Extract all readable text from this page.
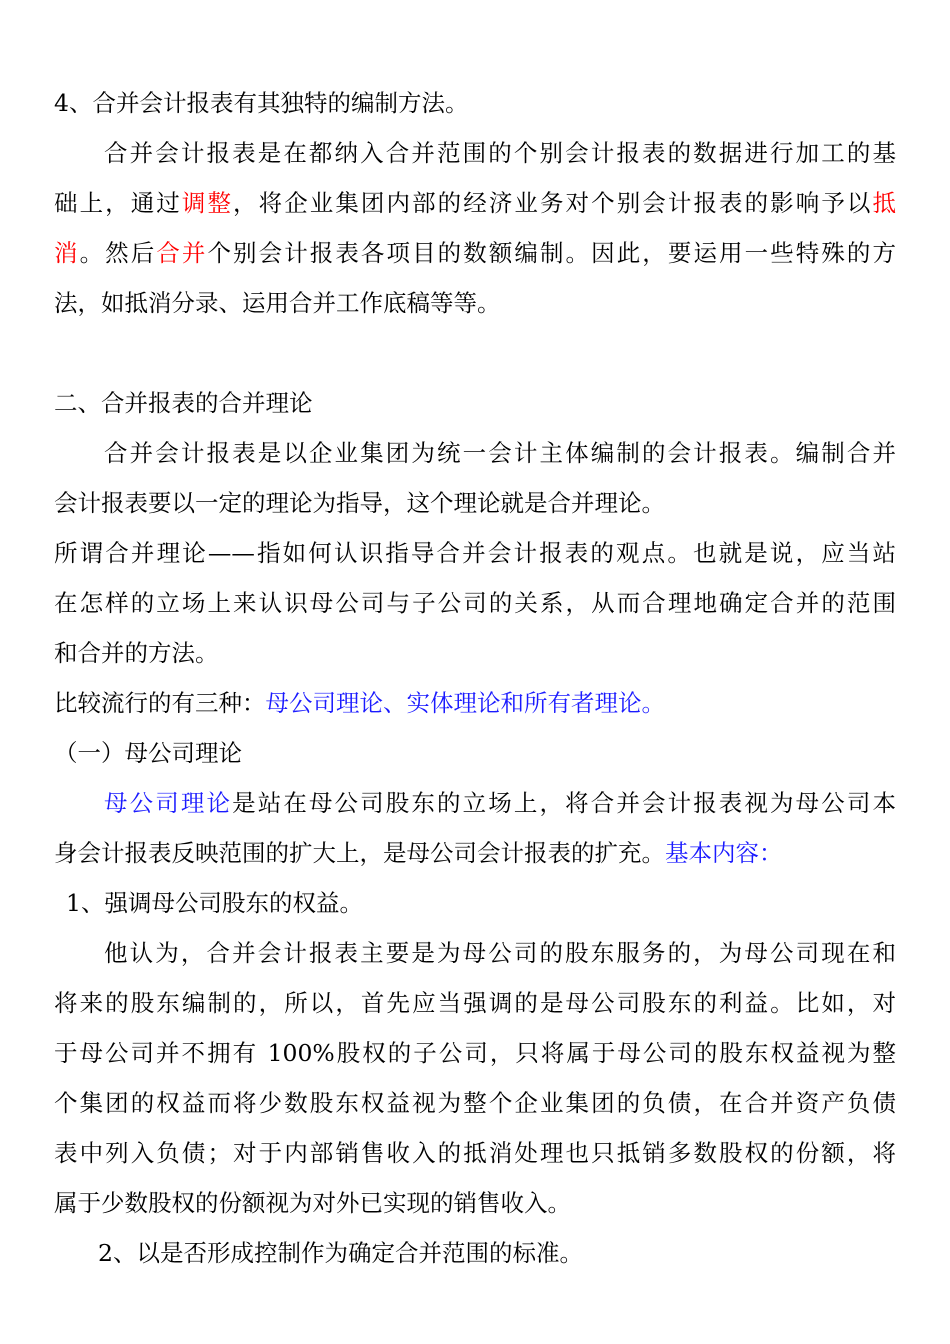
4、合并会计报表有其独特的编制方法。
合并会计报表是在都纳入合并范围的个别会计报表的数据进行加工的基
础上，通过调整，将企业集团内部的经济业务对个别会计报表的影响予以抵
消。然后合并个别会计报表各项目的数额编制。因此，要运用一些特殊的方
法，如抵消分录、运用合并工作底稿等等。
二、合并报表的合并理论
合并会计报表是以企业集团为统一会计主体编制的会计报表。编制合并
会计报表要以一定的理论为指导，这个理论就是合并理论。
所谓合并理论——指如何认识指导合并会计报表的观点。也就是说，应当站
在怎样的立场上来认识母公司与子公司的关系，从而合理地确定合并的范围
和合并的方法。
比较流行的有三种：母公司理论、实体理论和所有者理论。
（一）母公司理论
母公司理论是站在母公司股东的立场上，将合并会计报表视为母公司本
身会计报表反映范围的扩大上，是母公司会计报表的扩充。基本内容：
1、强调母公司股东的权益。
他认为，合并会计报表主要是为母公司的股东服务的，为母公司现在和
将来的股东编制的，所以，首先应当强调的是母公司股东的利益。比如，对
于母公司并不拥有 100%股权的子公司，只将属于母公司的股东权益视为整
个集团的权益而将少数股东权益视为整个企业集团的负债，在合并资产负债
表中列入负债；对于内部销售收入的抵消处理也只抵销多数股权的份额，将
属于少数股权的份额视为对外已实现的销售收入。
2、以是否形成控制作为确定合并范围的标准。
